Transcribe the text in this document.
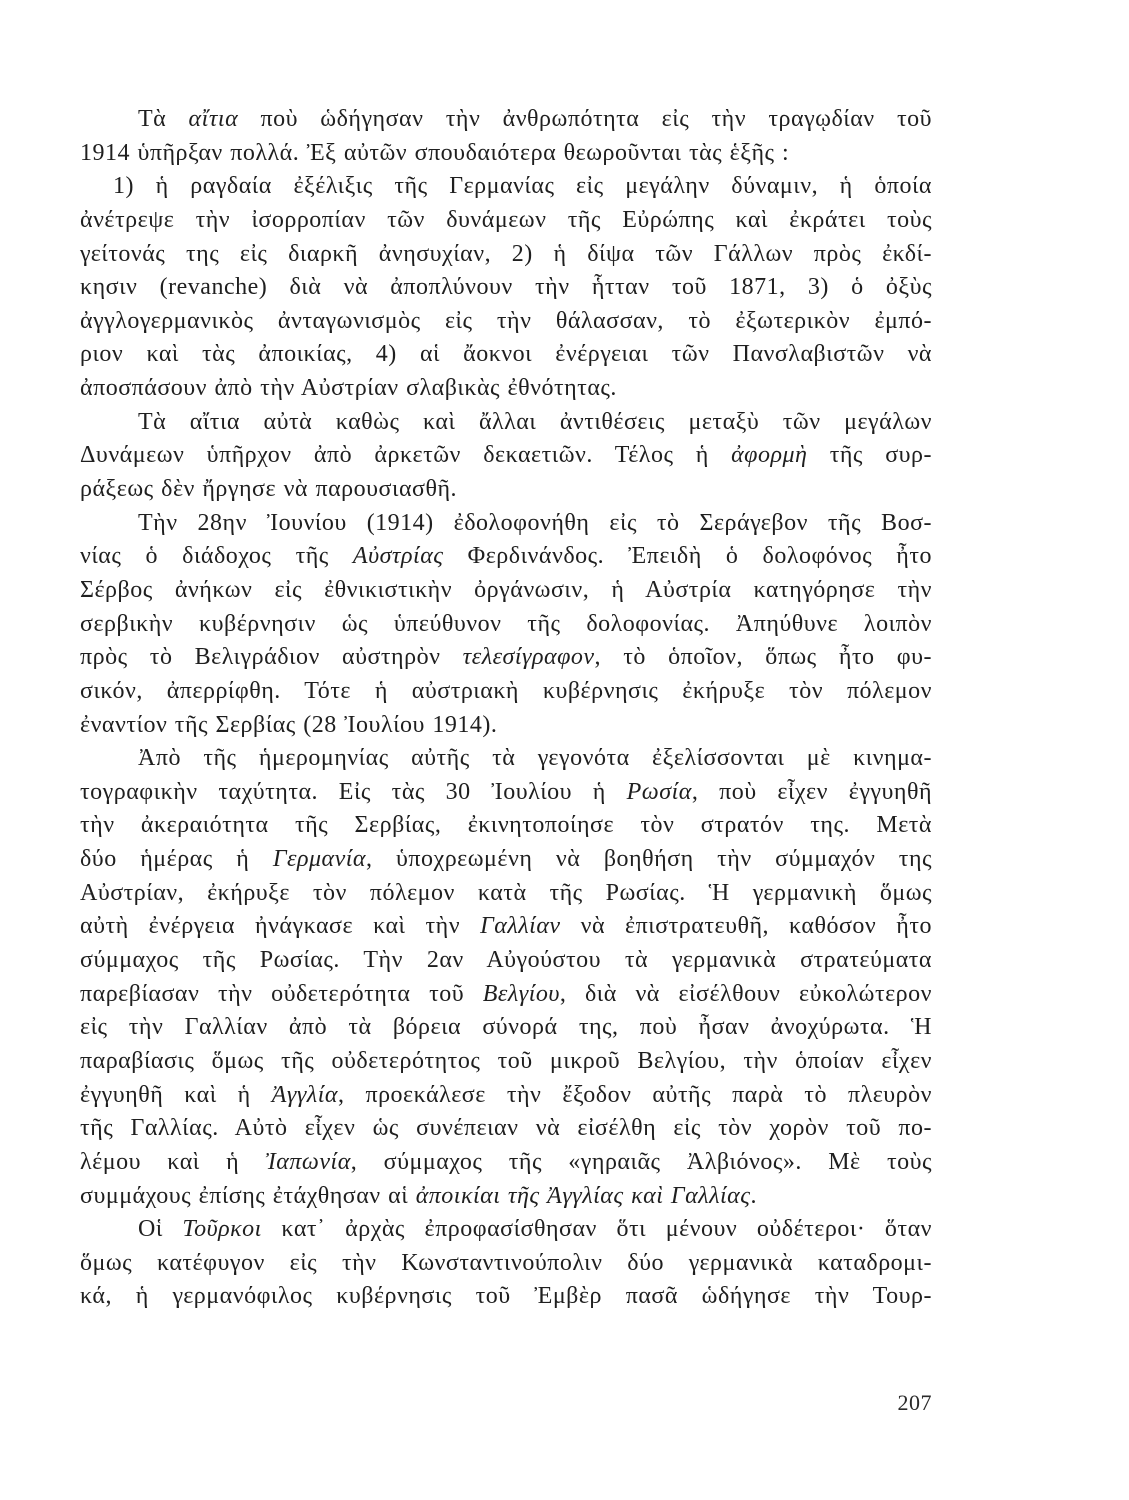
Τὰ αἴτια ποὺ ὡδήγησαν τὴν ἀνθρωπότητα εἰς τὴν τραγῳδίαν τοῦ
1914 ὑπῆρξαν πολλά. Ἐξ αὐτῶν σπουδαιότερα θεωροῦνται τὰς ἑξῆς :
1) ἡ ραγδαία ἐξέλιξις τῆς Γερμανίας εἰς μεγάλην δύναμιν, ἡ ὁποία
ἀνέτρεψε τὴν ἰσορροπίαν τῶν δυνάμεων τῆς Εὐρώπης καὶ ἐκράτει τοὺς
γείτονάς της εἰς διαρκῆ ἀνησυχίαν, 2) ἡ δίψα τῶν Γάλλων πρὸς ἐκδί-
κησιν (revanche) διὰ νὰ ἀποπλύνουν τὴν ἧτταν τοῦ 1871, 3) ὁ ὀξὺς
ἀγγλογερμανικὸς ἀνταγωνισμὸς εἰς τὴν θάλασσαν, τὸ ἐξωτερικὸν ἐμπό-
ριον καὶ τὰς ἀποικίας, 4) αἱ ἄοκνοι ἐνέργειαι τῶν Πανσλαβιστῶν νὰ
ἀποσπάσουν ἀπὸ τὴν Αὐστρίαν σλαβικὰς ἐθνότητας.
Τὰ αἴτια αὐτὰ καθὼς καὶ ἄλλαι ἀντιθέσεις μεταξὺ τῶν μεγάλων
Δυνάμεων ὑπῆρχον ἀπὸ ἀρκετῶν δεκαετιῶν. Τέλος ἡ ἀφορμὴ τῆς συρ-
ράξεως δὲν ἤργησε νὰ παρουσιασθῆ.
Τὴν 28ην Ἰουνίου (1914) ἐδολοφονήθη εἰς τὸ Σεράγεβον τῆς Βοσ-
νίας ὁ διάδοχος τῆς Αὐστρίας Φερδινάνδος. Ἐπειδὴ ὁ δολοφόνος ἦτο
Σέρβος ἀνήκων εἰς ἐθνικιστικὴν ὀργάνωσιν, ἡ Αὐστρία κατηγόρησε τὴν
σερβικὴν κυβέρνησιν ὡς ὑπεύθυνον τῆς δολοφονίας. Ἀπηύθυνε λοιπὸν
πρὸς τὸ Βελιγράδιον αὐστηρὸν τελεσίγραφον, τὸ ὁποῖον, ὅπως ἦτο φυ-
σικόν, ἀπερρίφθη. Τότε ἡ αὐστριακὴ κυβέρνησις ἐκήρυξε τὸν πόλεμον
ἐναντίον τῆς Σερβίας (28 Ἰουλίου 1914).
Ἀπὸ τῆς ἡμερομηνίας αὐτῆς τὰ γεγονότα ἐξελίσσονται μὲ κινημα-
τογραφικὴν ταχύτητα. Εἰς τὰς 30 Ἰουλίου ἡ Ρωσία, ποὺ εἶχεν ἐγγυηθῆ
τὴν ἀκεραιότητα τῆς Σερβίας, ἐκινητοποίησε τὸν στρατόν της. Μετὰ
δύο ἡμέρας ἡ Γερμανία, ὑποχρεωμένη νὰ βοηθήση τὴν σύμμαχόν της
Αὐστρίαν, ἐκήρυξε τὸν πόλεμον κατὰ τῆς Ρωσίας. Ἡ γερμανικὴ ὅμως
αὐτὴ ἐνέργεια ἠνάγκασε καὶ τὴν Γαλλίαν νὰ ἐπιστρατευθῆ, καθόσον ἦτο
σύμμαχος τῆς Ρωσίας. Τὴν 2αν Αὐγούστου τὰ γερμανικὰ στρατεύματα
παρεβίασαν τὴν οὐδετερότητα τοῦ Βελγίου, διὰ νὰ εἰσέλθουν εὐκολώτερον
εἰς τὴν Γαλλίαν ἀπὸ τὰ βόρεια σύνορά της, ποὺ ἦσαν ἀνοχύρωτα. Ἡ
παραβίασις ὅμως τῆς οὐδετερότητος τοῦ μικροῦ Βελγίου, τὴν ὁποίαν εἶχεν
ἐγγυηθῆ καὶ ἡ Ἀγγλία, προεκάλεσε τὴν ἔξοδον αὐτῆς παρὰ τὸ πλευρὸν
τῆς Γαλλίας. Αὐτὸ εἶχεν ὡς συνέπειαν νὰ εἰσέλθη εἰς τὸν χορὸν τοῦ πο-
λέμου καὶ ἡ Ἰαπωνία, σύμμαχος τῆς «γηραιᾶς Ἀλβιόνος». Μὲ τοὺς
συμμάχους ἐπίσης ἐτάχθησαν αἱ ἀποικίαι τῆς Ἀγγλίας καὶ Γαλλίας.
Οἱ Τοῦρκοι κατ᾽ ἀρχὰς ἐπροφασίσθησαν ὅτι μένουν οὐδέτεροι· ὅταν
ὅμως κατέφυγον εἰς τὴν Κωνσταντινούπολιν δύο γερμανικὰ καταδρομι-
κά, ἡ γερμανόφιλος κυβέρνησις τοῦ Ἐμβὲρ πασᾶ ὡδήγησε τὴν Τουρ-
207
